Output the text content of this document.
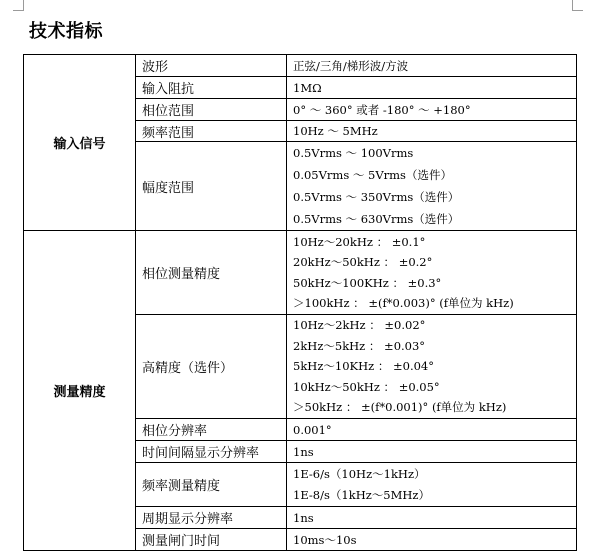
技术指标
输入信号	波形	正弦/三角/梯形波/方波

	输入阻抗	1MΩ

	相位范围	0° ～ 360° 或者 -180° ～ +180°

	频率范围	10Hz ～ 5MHz

	幅度范围	0.5Vrms ～ 100Vrms
0.05Vrms ～ 5Vrms（选件）
0.5Vrms ～ 350Vrms（选件）
0.5Vrms ～ 630Vrms（选件）

测量精度	相位测量精度	10Hz～20kHz ： ±0.1°
20kHz～50kHz ： ±0.2°
50kHz～100KHz ： ±0.3°
＞100kHz ： ±(f*0.003)° (f单位为 kHz)

	高精度（选件）	10Hz～2kHz ： ±0.02°
2kHz～5kHz ： ±0.03°
5kHz～10KHz ： ±0.04°
10kHz～50kHz ： ±0.05°
＞50kHz ： ±(f*0.001)° (f单位为 kHz)

	相位分辨率	0.001°

	时间间隔显示分辨率	1ns

	频率测量精度	1E-6/s（10Hz～1kHz）
1E-8/s（1kHz～5MHz）

	周期显示分辨率	1ns

	测量闸门时间	10ms～10s
